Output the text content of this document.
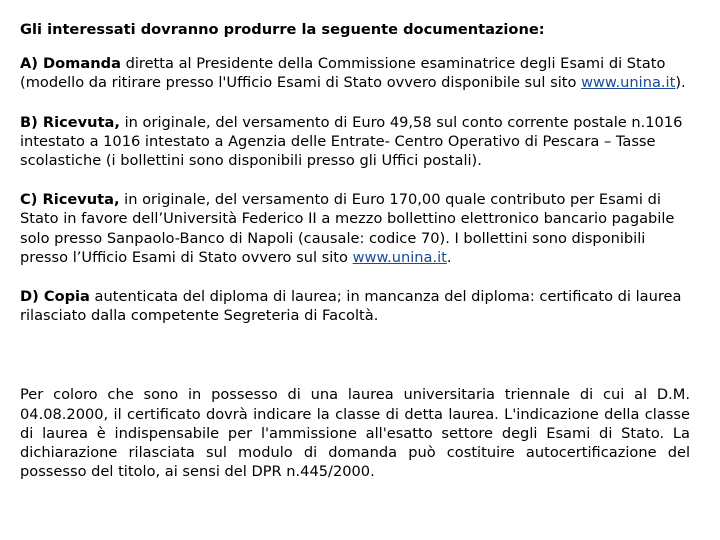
Gli interessati dovranno produrre la seguente documentazione:

A) Domanda diretta al Presidente della Commissione esaminatrice degli Esami di Stato (modello da ritirare presso l'Ufficio Esami di Stato ovvero disponibile sul sito www.unina.it).

B) Ricevuta, in originale, del versamento di Euro 49,58 sul conto corrente postale n.1016 intestato a 1016 intestato a Agenzia delle Entrate- Centro Operativo di Pescara – Tasse scolastiche (i bollettini sono disponibili presso gli Uffici postali).

C) Ricevuta, in originale, del versamento di Euro 170,00 quale contributo per Esami di Stato in favore dell’Università Federico II a mezzo bollettino elettronico bancario pagabile solo presso Sanpaolo-Banco di Napoli (causale: codice 70). I bollettini sono disponibili presso l’Ufficio Esami di Stato ovvero sul sito www.unina.it.

D) Copia autenticata del diploma di laurea; in mancanza del diploma: certificato di laurea rilasciato dalla competente Segreteria di Facoltà.

Per coloro che sono in possesso di una laurea universitaria triennale di cui al D.M. 04.08.2000, il certificato dovrà indicare la classe di detta laurea. L'indicazione della classe di laurea è indispensabile per l'ammissione all'esatto settore degli Esami di Stato. La dichiarazione rilasciata sul modulo di domanda può costituire autocertificazione del possesso del titolo, ai sensi del DPR n.445/2000.
